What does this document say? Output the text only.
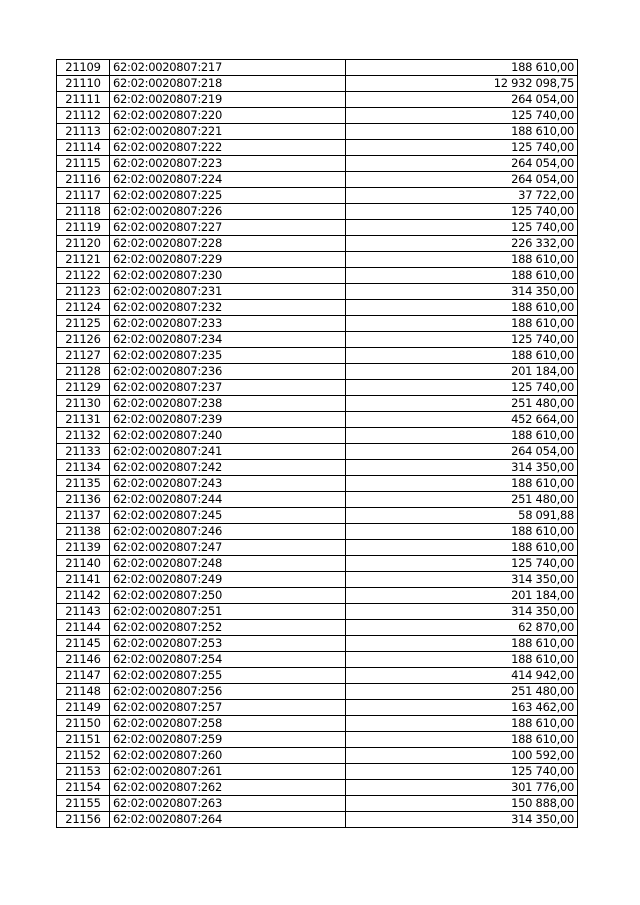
21109	62:02:0020807:217	188 610,00
21110	62:02:0020807:218	12 932 098,75
21111	62:02:0020807:219	264 054,00
21112	62:02:0020807:220	125 740,00
21113	62:02:0020807:221	188 610,00
21114	62:02:0020807:222	125 740,00
21115	62:02:0020807:223	264 054,00
21116	62:02:0020807:224	264 054,00
21117	62:02:0020807:225	37 722,00
21118	62:02:0020807:226	125 740,00
21119	62:02:0020807:227	125 740,00
21120	62:02:0020807:228	226 332,00
21121	62:02:0020807:229	188 610,00
21122	62:02:0020807:230	188 610,00
21123	62:02:0020807:231	314 350,00
21124	62:02:0020807:232	188 610,00
21125	62:02:0020807:233	188 610,00
21126	62:02:0020807:234	125 740,00
21127	62:02:0020807:235	188 610,00
21128	62:02:0020807:236	201 184,00
21129	62:02:0020807:237	125 740,00
21130	62:02:0020807:238	251 480,00
21131	62:02:0020807:239	452 664,00
21132	62:02:0020807:240	188 610,00
21133	62:02:0020807:241	264 054,00
21134	62:02:0020807:242	314 350,00
21135	62:02:0020807:243	188 610,00
21136	62:02:0020807:244	251 480,00
21137	62:02:0020807:245	58 091,88
21138	62:02:0020807:246	188 610,00
21139	62:02:0020807:247	188 610,00
21140	62:02:0020807:248	125 740,00
21141	62:02:0020807:249	314 350,00
21142	62:02:0020807:250	201 184,00
21143	62:02:0020807:251	314 350,00
21144	62:02:0020807:252	62 870,00
21145	62:02:0020807:253	188 610,00
21146	62:02:0020807:254	188 610,00
21147	62:02:0020807:255	414 942,00
21148	62:02:0020807:256	251 480,00
21149	62:02:0020807:257	163 462,00
21150	62:02:0020807:258	188 610,00
21151	62:02:0020807:259	188 610,00
21152	62:02:0020807:260	100 592,00
21153	62:02:0020807:261	125 740,00
21154	62:02:0020807:262	301 776,00
21155	62:02:0020807:263	150 888,00
21156	62:02:0020807:264	314 350,00
